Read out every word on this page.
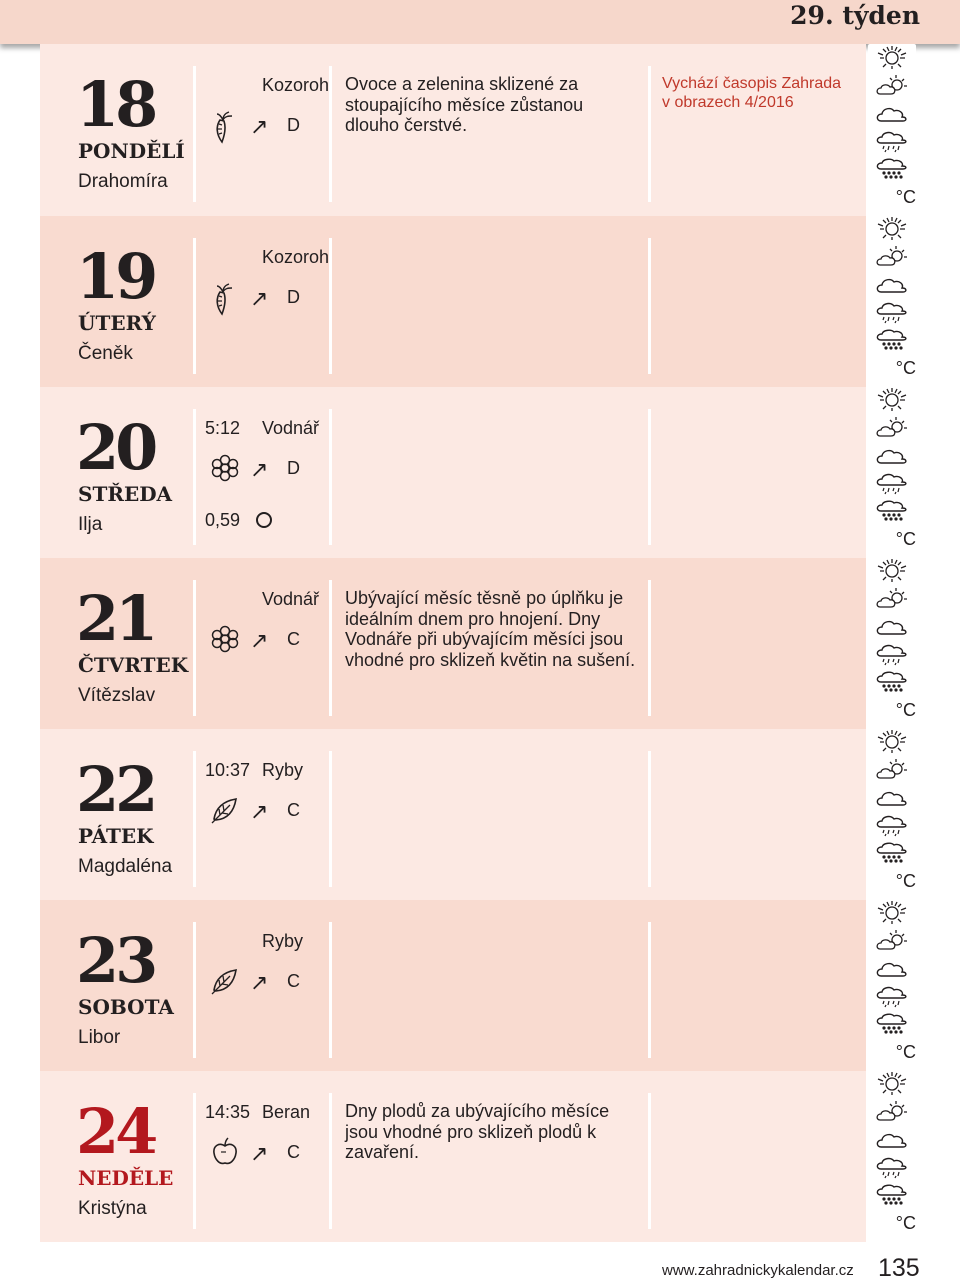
29. týden
18
PONDĚLÍ
Drahomíra
Kozoroh
↗ D
Ovoce a zelenina sklizené za stoupajícího měsíce zůstanou dlouho čerstvé.
Vychází časopis Zahrada v obrazech 4/2016
19
ÚTERÝ
Čeněk
Kozoroh
↗ D
20
STŘEDA
Ilja
5:12 Vodnář
↗ D
0,59
21
ČTVRTEK
Vítězslav
Vodnář
↗ C
Ubývající měsíc těsně po úplňku je ideálním dnem pro hnojení. Dny Vodnáře při ubývajícím měsíci jsou vhodné pro sklizeň květin na sušení.
22
PÁTEK
Magdaléna
10:37 Ryby
↗ C
23
SOBOTA
Libor
Ryby
↗ C
24
NEDĚLE
Kristýna
14:35 Beran
↗ C
Dny plodů za ubývajícího měsíce jsou vhodné pro sklizeň plodů k zavaření.
°C
°C
°C
°C
°C
°C
°C
www.zahradnickykalendar.cz 135
